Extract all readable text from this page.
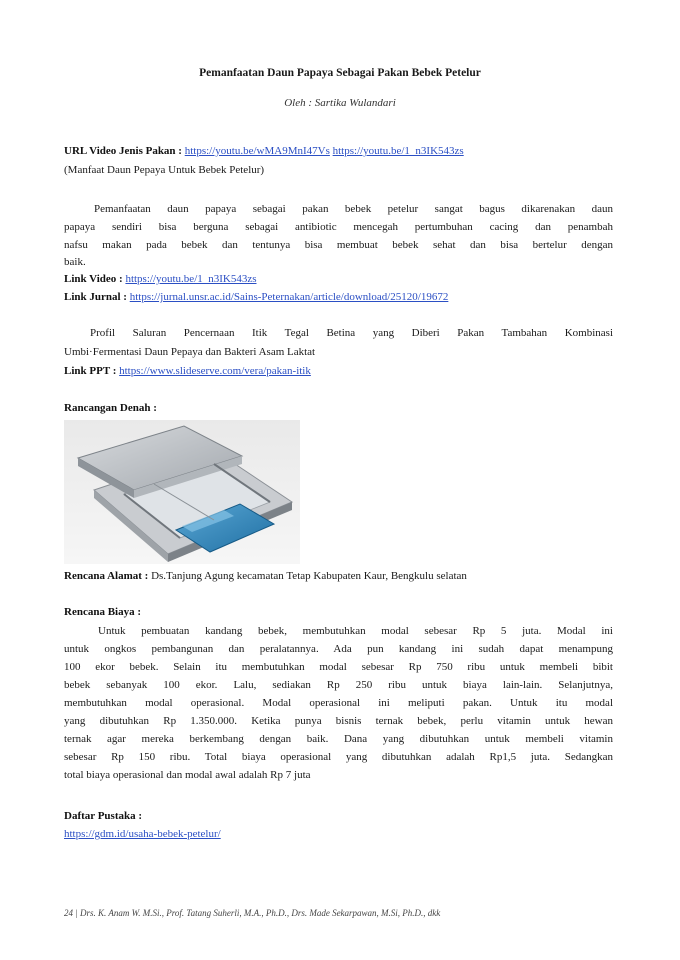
Pemanfaatan Daun Papaya Sebagai Pakan Bebek Petelur
Oleh : Sartika Wulandari
URL Video Jenis Pakan : https://youtu.be/wMA9MnI47Vs https://youtu.be/1_n3IK543zs
(Manfaat Daun Pepaya Untuk Bebek Petelur)
Pemanfaatan daun papaya sebagai pakan bebek petelur sangat bagus dikarenakan daun
papaya sendiri bisa berguna sebagai antibiotic mencegah pertumbuhan cacing dan penambah
nafsu makan pada bebek dan tentunya bisa membuat bebek sehat dan bisa bertelur dengan
baik.
Link Video : https://youtu.be/1_n3IK543zs
Link Jurnal : https://jurnal.unsr.ac.id/Sains-Peternakan/article/download/25120/19672
Profil Saluran Pencernaan Itik Tegal Betina yang Diberi Pakan Tambahan Kombinasi
Umbi·Fermentasi Daun Pepaya dan Bakteri Asam Laktat
Link PPT : https://www.slideserve.com/vera/pakan-itik
Rancangan Denah :
Rencana Alamat : Ds.Tanjung Agung kecamatan Tetap Kabupaten Kaur, Bengkulu selatan
Rencana Biaya :
Untuk pembuatan kandang bebek, membutuhkan modal sebesar Rp 5 juta. Modal ini
untuk ongkos pembangunan dan peralatannya. Ada pun kandang ini sudah dapat menampung
100 ekor bebek. Selain itu membutuhkan modal sebesar Rp 750 ribu untuk membeli bibit
bebek sebanyak 100 ekor. Lalu, sediakan Rp 250 ribu untuk biaya lain-lain. Selanjutnya,
membutuhkan modal operasional. Modal operasional ini meliputi pakan. Untuk itu modal
yang dibutuhkan Rp 1.350.000. Ketika punya bisnis ternak bebek, perlu vitamin untuk hewan
ternak agar mereka berkembang dengan baik. Dana yang dibutuhkan untuk membeli vitamin
sebesar Rp 150 ribu. Total biaya operasional yang dibutuhkan adalah Rp1,5 juta. Sedangkan
total biaya operasional dan modal awal adalah Rp 7 juta
Daftar Pustaka :
https://gdm.id/usaha-bebek-petelur/
24 | Drs. K. Anam W. M.Si., Prof. Tatang Suherli, M.A., Ph.D., Drs. Made Sekarpawan, M.Si, Ph.D., dkk
